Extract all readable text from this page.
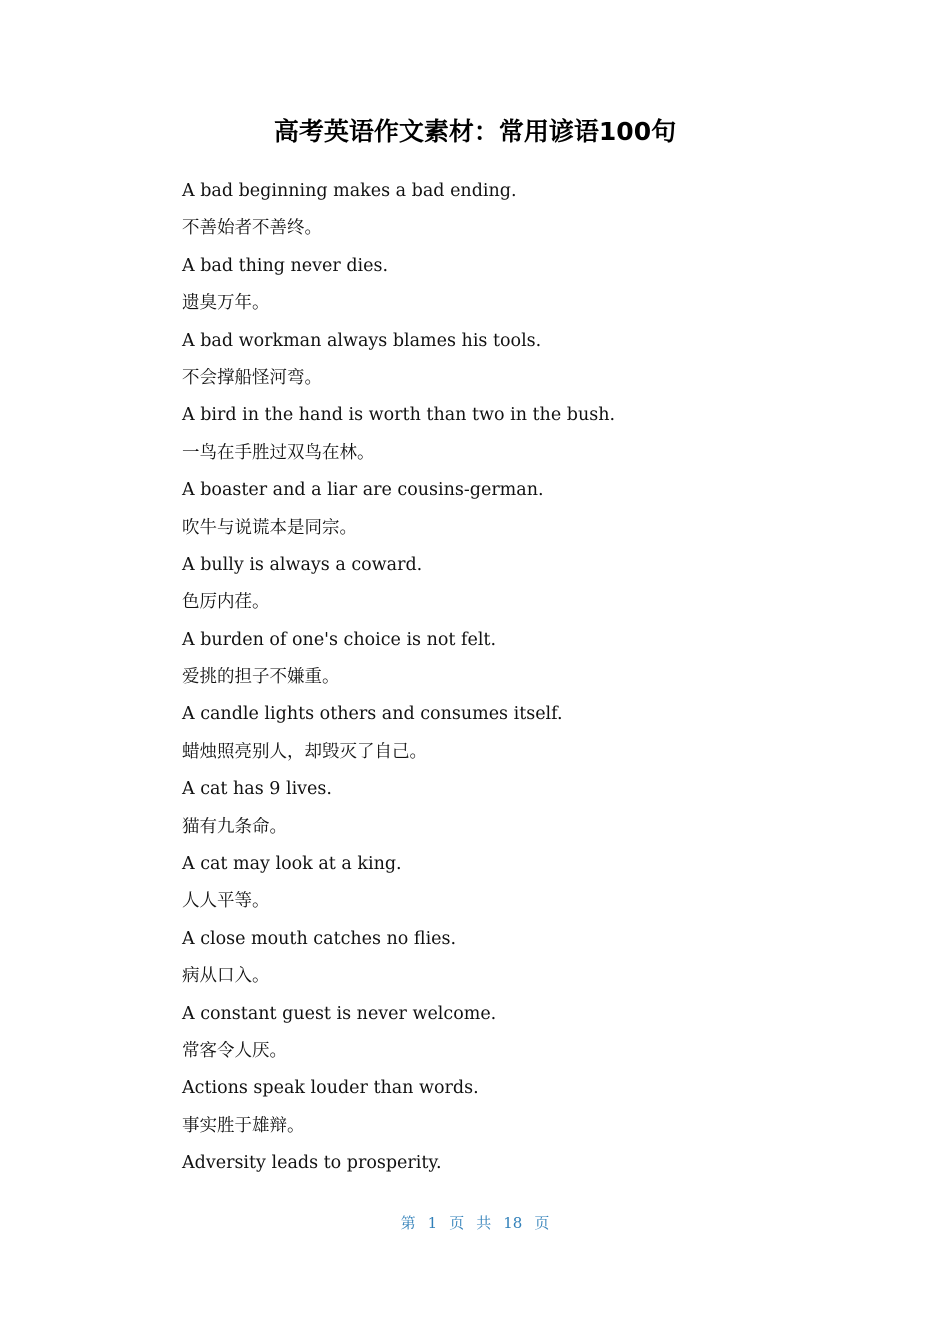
高考英语作文素材：常用谚语100句
A bad beginning makes a bad ending.
不善始者不善终。
A bad thing never dies.
遗臭万年。
A bad workman always blames his tools.
不会撑船怪河弯。
A bird in the hand is worth than two in the bush.
一鸟在手胜过双鸟在林。
A boaster and a liar are cousins-german.
吹牛与说谎本是同宗。
A bully is always a coward.
色厉内荏。
A burden of one's choice is not felt.
爱挑的担子不嫌重。
A candle lights others and consumes itself.
蜡烛照亮别人，却毁灭了自己。
A cat has 9 lives.
猫有九条命。
A cat may look at a king.
人人平等。
A close mouth catches no flies.
病从口入。
A constant guest is never welcome.
常客令人厌。
Actions speak louder than words.
事实胜于雄辩。
Adversity leads to prosperity.
第 1 页 共 18 页
